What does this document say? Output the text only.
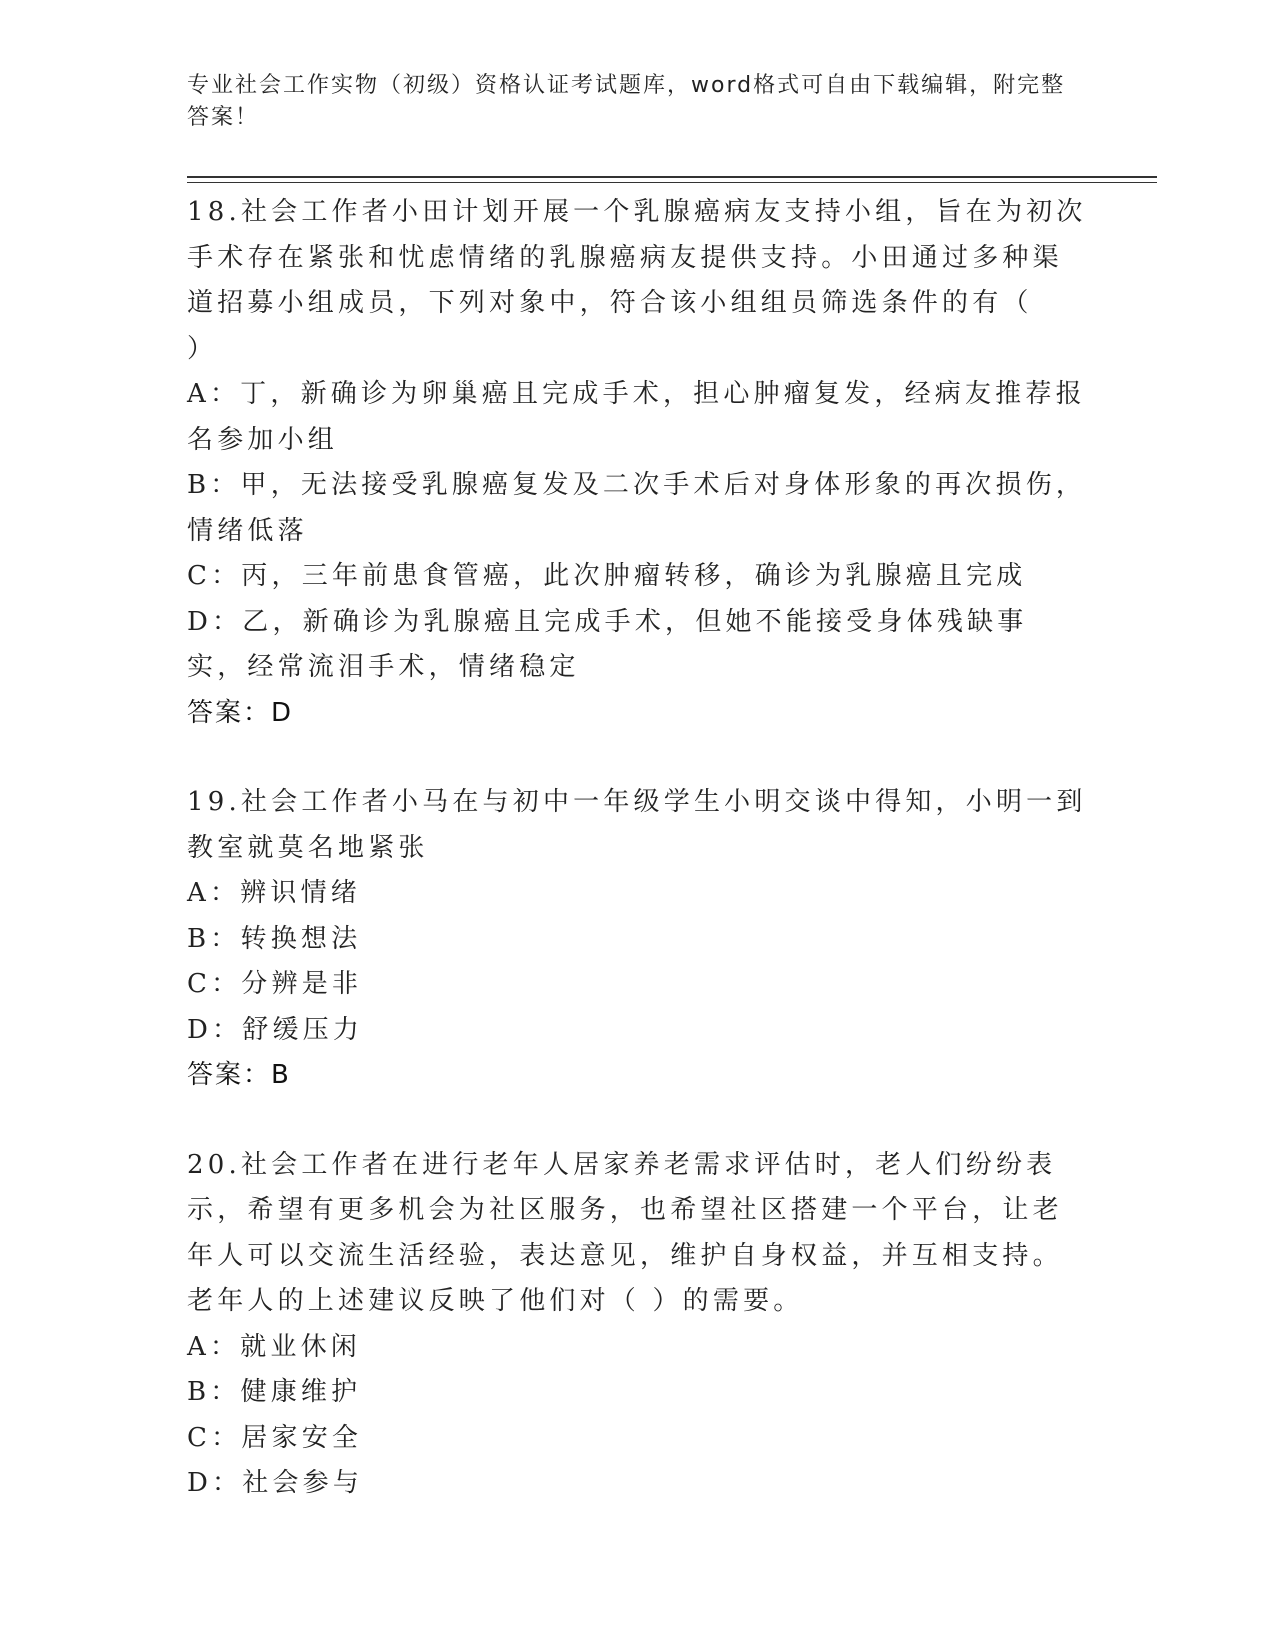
专业社会工作实物（初级）资格认证考试题库，word格式可自由下载编辑，附完整答案！
18.社会工作者小田计划开展一个乳腺癌病友支持小组，旨在为初次手术存在紧张和忧虑情绪的乳腺癌病友提供支持。小田通过多种渠道招募小组成员，下列对象中，符合该小组组员筛选条件的有（　　）
A：丁，新确诊为卵巢癌且完成手术，担心肿瘤复发，经病友推荐报名参加小组
B：甲，无法接受乳腺癌复发及二次手术后对身体形象的再次损伤，情绪低落
C：丙，三年前患食管癌，此次肿瘤转移，确诊为乳腺癌且完成
D：乙，新确诊为乳腺癌且完成手术，但她不能接受身体残缺事实，经常流泪手术，情绪稳定
答案：D
19.社会工作者小马在与初中一年级学生小明交谈中得知，小明一到教室就莫名地紧张
A：辨识情绪
B：转换想法
C：分辨是非
D：舒缓压力
答案：B
20.社会工作者在进行老年人居家养老需求评估时，老人们纷纷表示，希望有更多机会为社区服务，也希望社区搭建一个平台，让老年人可以交流生活经验，表达意见，维护自身权益，并互相支持。老年人的上述建议反映了他们对（ ）的需要。
A：就业休闲
B：健康维护
C：居家安全
D：社会参与
